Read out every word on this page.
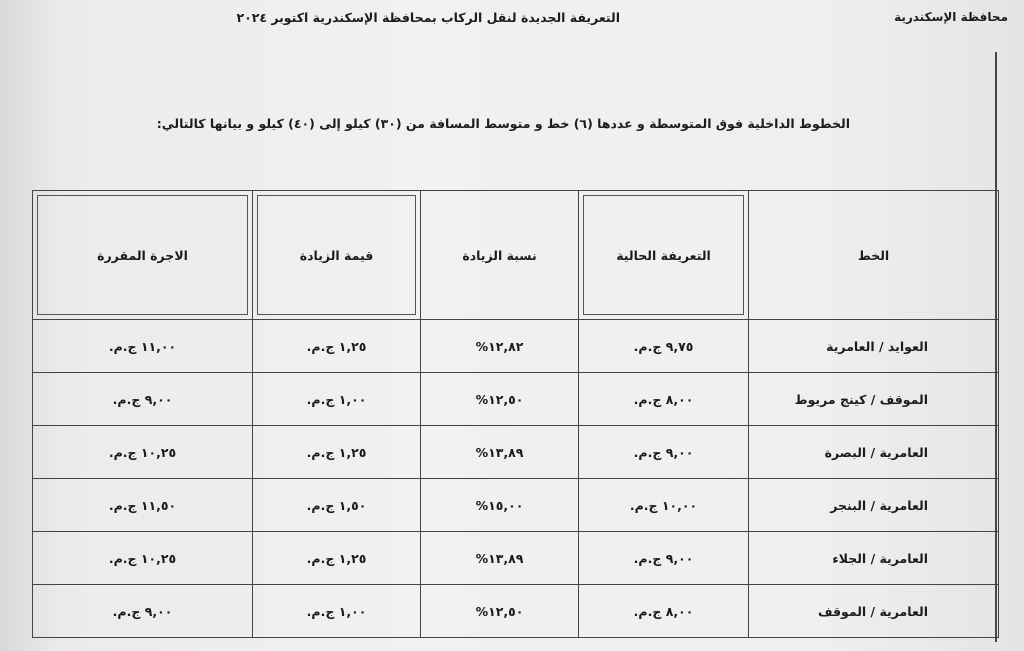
محافظة الإسكندرية
التعريفة الجديدة لنقل الركاب بمحافظة الإسكندرية اكتوبر ٢٠٢٤
الخطوط الداخلية فوق المتوسطة و عددها (٦) خط و متوسط المسافة من (٣٠) كيلو إلى (٤٠) كيلو و بيانها كالتالي:
الخط	التعريفة الحالية	نسبة الزيادة	قيمة الزيادة	الاجرة المقررة

العوايد / العامرية	٩,٧٥ ج.م.	١٢,٨٢%	١,٢٥ ج.م.	١١,٠٠ ج.م.
الموقف / كينج مريوط	٨,٠٠ ج.م.	١٢,٥٠%	١,٠٠ ج.م.	٩,٠٠ ج.م.
العامرية / البصرة	٩,٠٠ ج.م.	١٣,٨٩%	١,٢٥ ج.م.	١٠,٢٥ ج.م.
العامرية / البنجر	١٠,٠٠ ج.م.	١٥,٠٠%	١,٥٠ ج.م.	١١,٥٠ ج.م.
العامرية / الجلاء	٩,٠٠ ج.م.	١٣,٨٩%	١,٢٥ ج.م.	١٠,٢٥ ج.م.
العامرية / الموقف	٨,٠٠ ج.م.	١٢,٥٠%	١,٠٠ ج.م.	٩,٠٠ ج.م.
